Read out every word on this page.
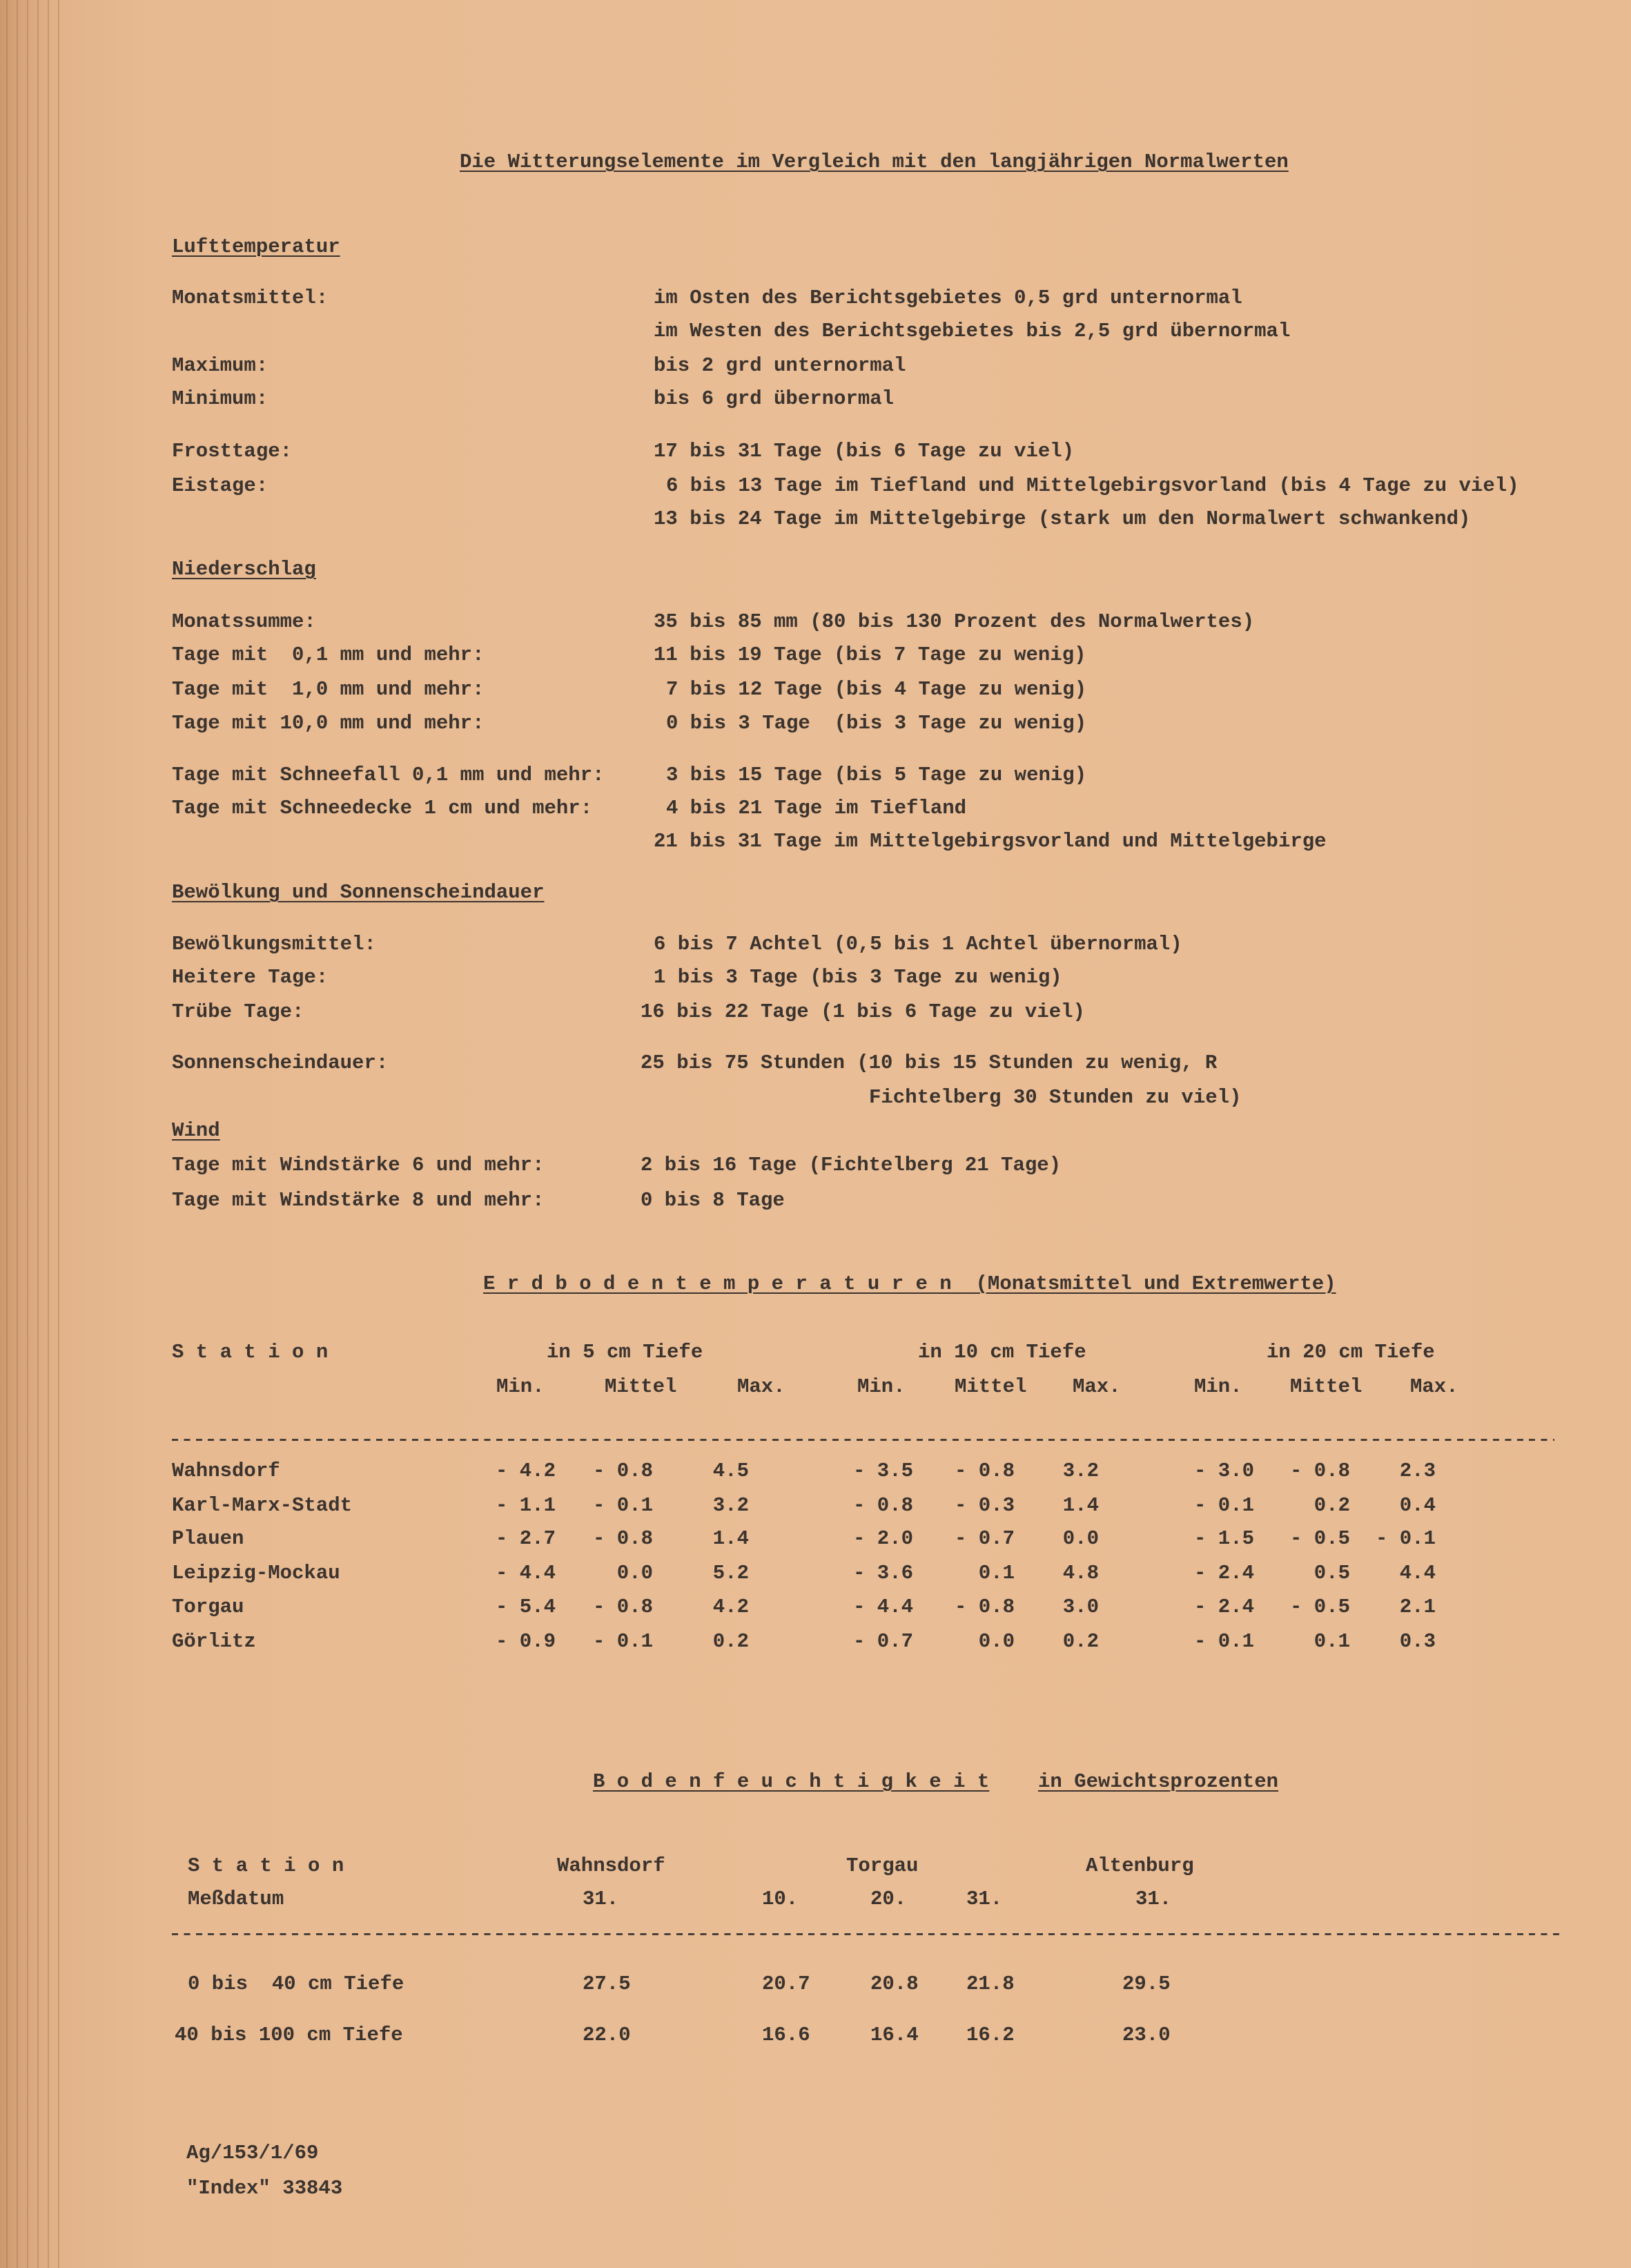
Die Witterungselemente im Vergleich mit den langjährigen Normalwerten
Lufttemperatur
Monatsmittel:	im Osten des Berichtsgebietes 0,5 grd unternormal
im Westen des Berichtsgebietes bis 2,5 grd übernormal
Maximum:	bis 2 grd unternormal
Minimum:	bis 6 grd übernormal
Frosttage:	17 bis 31 Tage (bis 6 Tage zu viel)
Eistage:	6 bis 13 Tage im Tiefland und Mittelgebirgsvorland (bis 4 Tage zu viel)
13 bis 24 Tage im Mittelgebirge (stark um den Normalwert schwankend)
Niederschlag
Monatssumme:	35 bis 85 mm (80 bis 130 Prozent des Normalwertes)
Tage mit  0,1 mm und mehr:	11 bis 19 Tage (bis 7 Tage zu wenig)
Tage mit  1,0 mm und mehr:	7 bis 12 Tage (bis 4 Tage zu wenig)
Tage mit 10,0 mm und mehr:	0 bis 3 Tage  (bis 3 Tage zu wenig)
Tage mit Schneefall 0,1 mm und mehr:	3 bis 15 Tage (bis 5 Tage zu wenig)
Tage mit Schneedecke 1 cm und mehr:	4 bis 21 Tage im Tiefland
21 bis 31 Tage im Mittelgebirgsvorland und Mittelgebirge
Bewölkung und Sonnenscheindauer
Bewölkungsmittel:	6 bis 7 Achtel (0,5 bis 1 Achtel übernormal)
Heitere Tage:	1 bis 3 Tage (bis 3 Tage zu wenig)
Trübe Tage:	16 bis 22 Tage (1 bis 6 Tage zu viel)
Sonnenscheindauer:	25 bis 75 Stunden (10 bis 15 Stunden zu wenig, R
Fichtelberg 30 Stunden zu viel)
Wind
Tage mit Windstärke 6 und mehr:	2 bis 16 Tage (Fichtelberg 21 Tage)
Tage mit Windstärke 8 und mehr:	0 bis 8 Tage
E r d b o d e n t e m p e r a t u r e n  (Monatsmittel und Extremwerte)
S t a t i o n	in 5 cm Tiefe	in 10 cm Tiefe	in 20 cm Tiefe
Min.	Mittel	Max.	Min. Mittel Max.	Min. Mittel Max.
Wahnsdorf	- 4.2	- 0.8	4.5	- 3.5	- 0.8	3.2	- 3.0	- 0.8	2.3
Karl-Marx-Stadt	- 1.1	- 0.1	3.2	- 0.8	- 0.3	1.4	- 0.1	0.2	0.4
Plauen	- 2.7	- 0.8	1.4	- 2.0	- 0.7	0.0	- 1.5	- 0.5	- 0.1
Leipzig-Mockau	- 4.4	0.0	5.2	- 3.6	0.1	4.8	- 2.4	0.5	4.4
Torgau	- 5.4	- 0.8	4.2	- 4.4	- 0.8	3.0	- 2.4	- 0.5	2.1
Görlitz	- 0.9	- 0.1	0.2	- 0.7	0.0	0.2	- 0.1	0.1	0.3
B o d e n f e u c h t i g k e i t in Gewichtsprozenten
S t a t i o n	Wahnsdorf	Torgau	Altenburg
Meßdatum	31.	10.	20.	31.	31.
0 bis  40 cm Tiefe	27.5	20.7	20.8 21.8	29.5
40 bis 100 cm Tiefe	22.0	16.6	16.4 16.2	23.0
Ag/153/1/69
"Index" 33843
